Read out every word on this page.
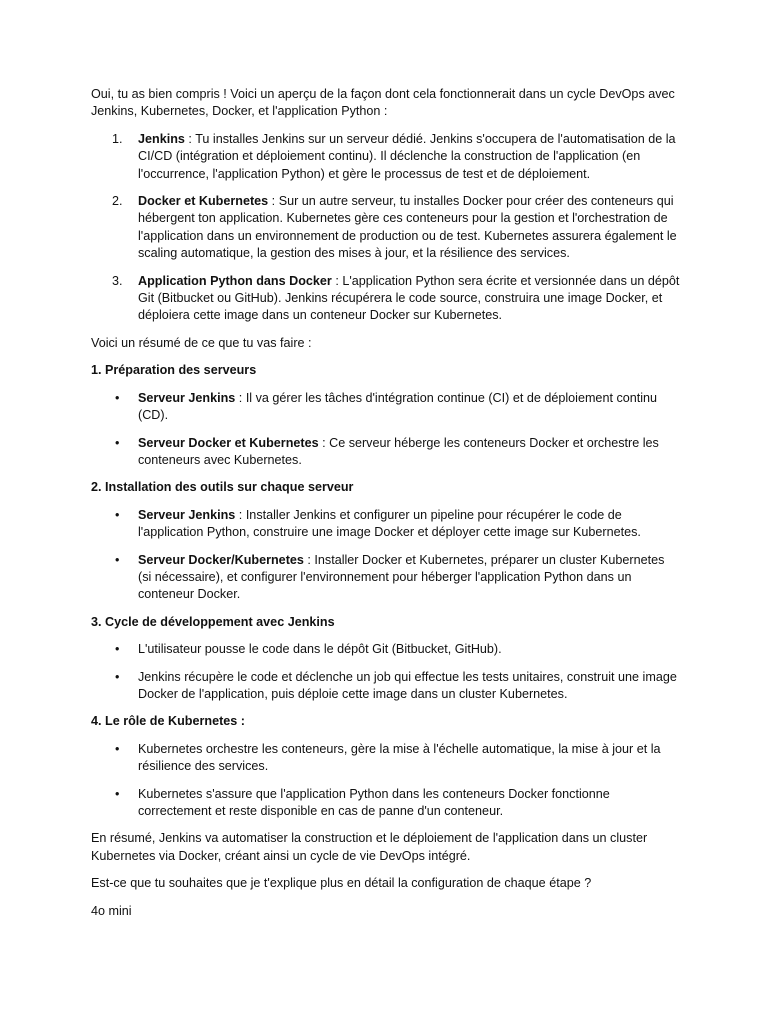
Oui, tu as bien compris ! Voici un aperçu de la façon dont cela fonctionnerait dans un cycle DevOps avec Jenkins, Kubernetes, Docker, et l'application Python :

1. Jenkins : Tu installes Jenkins sur un serveur dédié. Jenkins s'occupera de l'automatisation de la CI/CD (intégration et déploiement continu). Il déclenche la construction de l'application (en l'occurrence, l'application Python) et gère le processus de test et de déploiement.
2. Docker et Kubernetes : Sur un autre serveur, tu installes Docker pour créer des conteneurs qui hébergent ton application. Kubernetes gère ces conteneurs pour la gestion et l'orchestration de l'application dans un environnement de production ou de test. Kubernetes assurera également le scaling automatique, la gestion des mises à jour, et la résilience des services.
3. Application Python dans Docker : L'application Python sera écrite et versionnée dans un dépôt Git (Bitbucket ou GitHub). Jenkins récupérera le code source, construira une image Docker, et déploiera cette image dans un conteneur Docker sur Kubernetes.

Voici un résumé de ce que tu vas faire :

1. Préparation des serveurs

• Serveur Jenkins : Il va gérer les tâches d'intégration continue (CI) et de déploiement continu (CD).
• Serveur Docker et Kubernetes : Ce serveur héberge les conteneurs Docker et orchestre les conteneurs avec Kubernetes.

2. Installation des outils sur chaque serveur

• Serveur Jenkins : Installer Jenkins et configurer un pipeline pour récupérer le code de l'application Python, construire une image Docker et déployer cette image sur Kubernetes.
• Serveur Docker/Kubernetes : Installer Docker et Kubernetes, préparer un cluster Kubernetes (si nécessaire), et configurer l'environnement pour héberger l'application Python dans un conteneur Docker.

3. Cycle de développement avec Jenkins

• L'utilisateur pousse le code dans le dépôt Git (Bitbucket, GitHub).
• Jenkins récupère le code et déclenche un job qui effectue les tests unitaires, construit une image Docker de l'application, puis déploie cette image dans un cluster Kubernetes.

4. Le rôle de Kubernetes :

• Kubernetes orchestre les conteneurs, gère la mise à l'échelle automatique, la mise à jour et la résilience des services.
• Kubernetes s'assure que l'application Python dans les conteneurs Docker fonctionne correctement et reste disponible en cas de panne d'un conteneur.

En résumé, Jenkins va automatiser la construction et le déploiement de l'application dans un cluster Kubernetes via Docker, créant ainsi un cycle de vie DevOps intégré.

Est-ce que tu souhaites que je t'explique plus en détail la configuration de chaque étape ?

4o mini
